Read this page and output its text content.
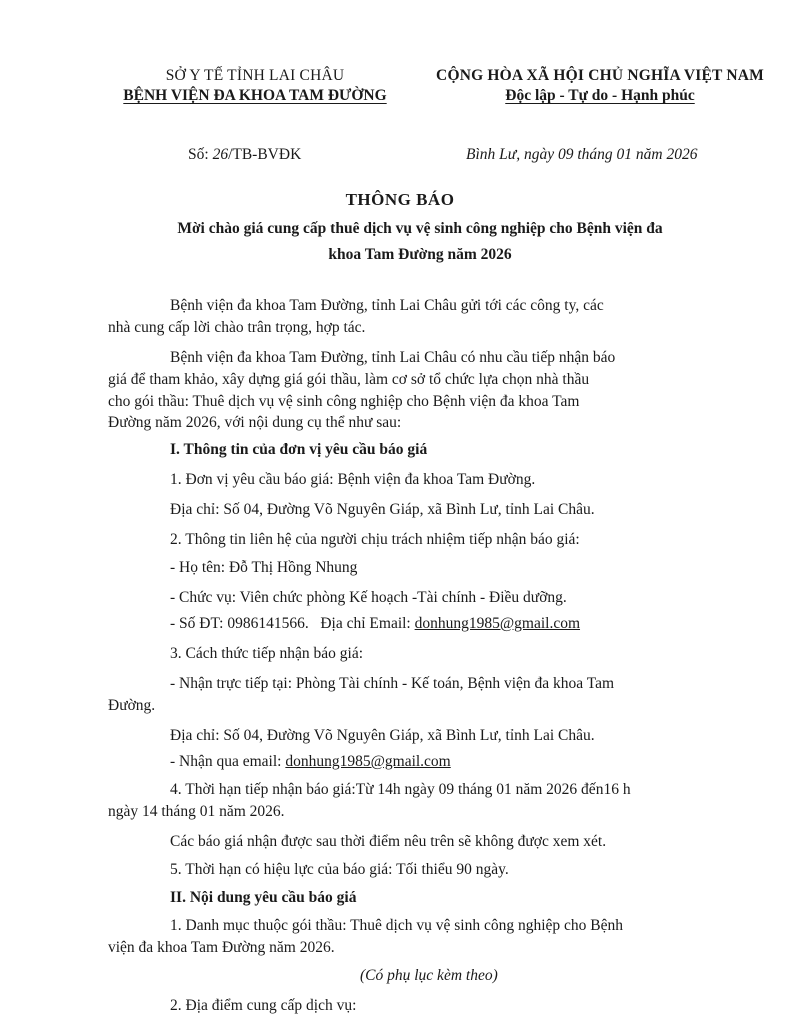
SỞ Y TẾ TỈNH LAI CHÂU
BỆNH VIỆN ĐA KHOA TAM ĐƯỜNG
CỘNG HÒA XÃ HỘI CHỦ NGHĨA VIỆT NAM
Độc lập - Tự do - Hạnh phúc
Số: 26/TB-BVĐK	Bình Lư, ngày 09 tháng 01 năm 2026
THÔNG BÁO
Mời chào giá cung cấp thuê dịch vụ vệ sinh công nghiệp cho Bệnh viện đa
khoa Tam Đường năm 2026
Bệnh viện đa khoa Tam Đường, tỉnh Lai Châu gửi tới các công ty, các
nhà cung cấp lời chào trân trọng, hợp tác.
Bệnh viện đa khoa Tam Đường, tỉnh Lai Châu có nhu cầu tiếp nhận báo
giá để tham khảo, xây dựng giá gói thầu, làm cơ sở tổ chức lựa chọn nhà thầu
cho gói thầu: Thuê dịch vụ vệ sinh công nghiệp cho Bệnh viện đa khoa Tam
Đường năm 2026, với nội dung cụ thể như sau:
I. Thông tin của đơn vị yêu cầu báo giá
1. Đơn vị yêu cầu báo giá: Bệnh viện đa khoa Tam Đường.
Địa chỉ: Số 04, Đường Võ Nguyên Giáp, xã Bình Lư, tỉnh Lai Châu.
2. Thông tin liên hệ của người chịu trách nhiệm tiếp nhận báo giá:
- Họ tên: Đỗ Thị Hồng Nhung
- Chức vụ: Viên chức phòng Kế hoạch -Tài chính - Điều dưỡng.
- Số ĐT: 0986141566.   Địa chỉ Email: donhung1985@gmail.com
3. Cách thức tiếp nhận báo giá:
- Nhận trực tiếp tại: Phòng Tài chính - Kế toán, Bệnh viện đa khoa Tam
Đường.
Địa chỉ: Số 04, Đường Võ Nguyên Giáp, xã Bình Lư, tỉnh Lai Châu.
- Nhận qua email: donhung1985@gmail.com
4. Thời hạn tiếp nhận báo giá:Từ 14h ngày 09 tháng 01 năm 2026 đến16 h
ngày 14 tháng 01 năm 2026.
Các báo giá nhận được sau thời điểm nêu trên sẽ không được xem xét.
5. Thời hạn có hiệu lực của báo giá: Tối thiểu 90 ngày.
II. Nội dung yêu cầu báo giá
1. Danh mục thuộc gói thầu: Thuê dịch vụ vệ sinh công nghiệp cho Bệnh
viện đa khoa Tam Đường năm 2026.
(Có phụ lục kèm theo)
2. Địa điểm cung cấp dịch vụ:
